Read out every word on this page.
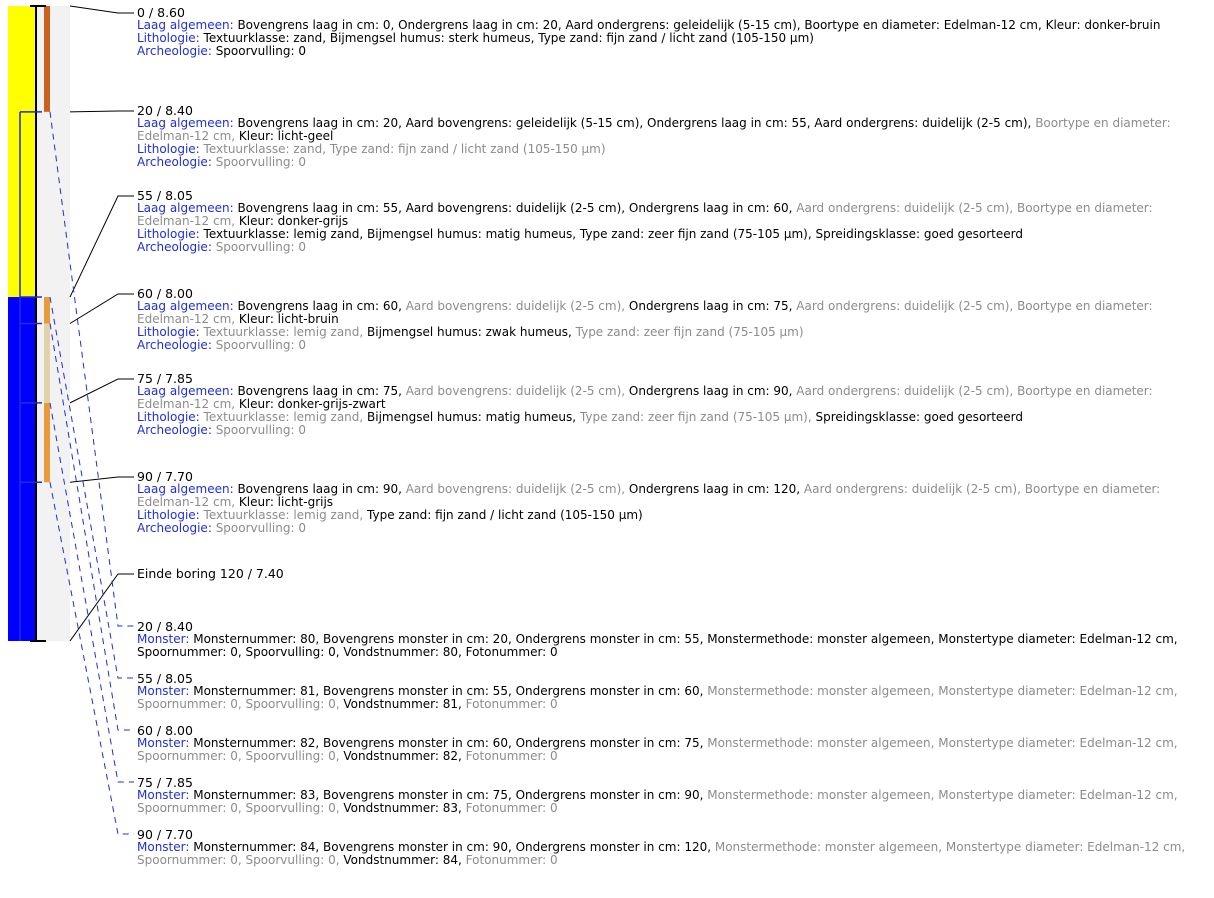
0 / 8.60
Laag algemeen: Bovengrens laag in cm: 0, Ondergrens laag in cm: 20, Aard ondergrens: geleidelijk (5-15 cm), Boortype en diameter: Edelman-12 cm, Kleur: donker-bruin
Lithologie: Textuurklasse: zand, Bijmengsel humus: sterk humeus, Type zand: fijn zand / licht zand (105-150 µm)
Archeologie: Spoorvulling: 0
20 / 8.40
Laag algemeen: Bovengrens laag in cm: 20, Aard bovengrens: geleidelijk (5-15 cm), Ondergrens laag in cm: 55, Aard ondergrens: duidelijk (2-5 cm), Boortype en diameter: Edelman-12 cm, Kleur: licht-geel
Lithologie: Textuurklasse: zand, Type zand: fijn zand / licht zand (105-150 µm)
Archeologie: Spoorvulling: 0
55 / 8.05
Laag algemeen: Bovengrens laag in cm: 55, Aard bovengrens: duidelijk (2-5 cm), Ondergrens laag in cm: 60, Aard ondergrens: duidelijk (2-5 cm), Boortype en diameter: Edelman-12 cm, Kleur: donker-grijs
Lithologie: Textuurklasse: lemig zand, Bijmengsel humus: matig humeus, Type zand: zeer fijn zand (75-105 µm), Spreidingsklasse: goed gesorteerd
Archeologie: Spoorvulling: 0
60 / 8.00
Laag algemeen: Bovengrens laag in cm: 60, Aard bovengrens: duidelijk (2-5 cm), Ondergrens laag in cm: 75, Aard ondergrens: duidelijk (2-5 cm), Boortype en diameter: Edelman-12 cm, Kleur: licht-bruin
Lithologie: Textuurklasse: lemig zand, Bijmengsel humus: zwak humeus, Type zand: zeer fijn zand (75-105 µm)
Archeologie: Spoorvulling: 0
75 / 7.85
Laag algemeen: Bovengrens laag in cm: 75, Aard bovengrens: duidelijk (2-5 cm), Ondergrens laag in cm: 90, Aard ondergrens: duidelijk (2-5 cm), Boortype en diameter: Edelman-12 cm, Kleur: donker-grijs-zwart
Lithologie: Textuurklasse: lemig zand, Bijmengsel humus: matig humeus, Type zand: zeer fijn zand (75-105 µm), Spreidingsklasse: goed gesorteerd
Archeologie: Spoorvulling: 0
90 / 7.70
Laag algemeen: Bovengrens laag in cm: 90, Aard bovengrens: duidelijk (2-5 cm), Ondergrens laag in cm: 120, Aard ondergrens: duidelijk (2-5 cm), Boortype en diameter: Edelman-12 cm, Kleur: licht-grijs
Lithologie: Textuurklasse: lemig zand, Type zand: fijn zand / licht zand (105-150 µm)
Archeologie: Spoorvulling: 0
Einde boring 120 / 7.40
20 / 8.40
Monster: Monsternummer: 80, Bovengrens monster in cm: 20, Ondergrens monster in cm: 55, Monstermethode: monster algemeen, Monstertype diameter: Edelman-12 cm, Spoornummer: 0, Spoorvulling: 0, Vondstnummer: 80, Fotonummer: 0
55 / 8.05
Monster: Monsternummer: 81, Bovengrens monster in cm: 55, Ondergrens monster in cm: 60, Monstermethode: monster algemeen, Monstertype diameter: Edelman-12 cm, Spoornummer: 0, Spoorvulling: 0, Vondstnummer: 81, Fotonummer: 0
60 / 8.00
Monster: Monsternummer: 82, Bovengrens monster in cm: 60, Ondergrens monster in cm: 75, Monstermethode: monster algemeen, Monstertype diameter: Edelman-12 cm, Spoornummer: 0, Spoorvulling: 0, Vondstnummer: 82, Fotonummer: 0
75 / 7.85
Monster: Monsternummer: 83, Bovengrens monster in cm: 75, Ondergrens monster in cm: 90, Monstermethode: monster algemeen, Monstertype diameter: Edelman-12 cm, Spoornummer: 0, Spoorvulling: 0, Vondstnummer: 83, Fotonummer: 0
90 / 7.70
Monster: Monsternummer: 84, Bovengrens monster in cm: 90, Ondergrens monster in cm: 120, Monstermethode: monster algemeen, Monstertype diameter: Edelman-12 cm, Spoornummer: 0, Spoorvulling: 0, Vondstnummer: 84, Fotonummer: 0
